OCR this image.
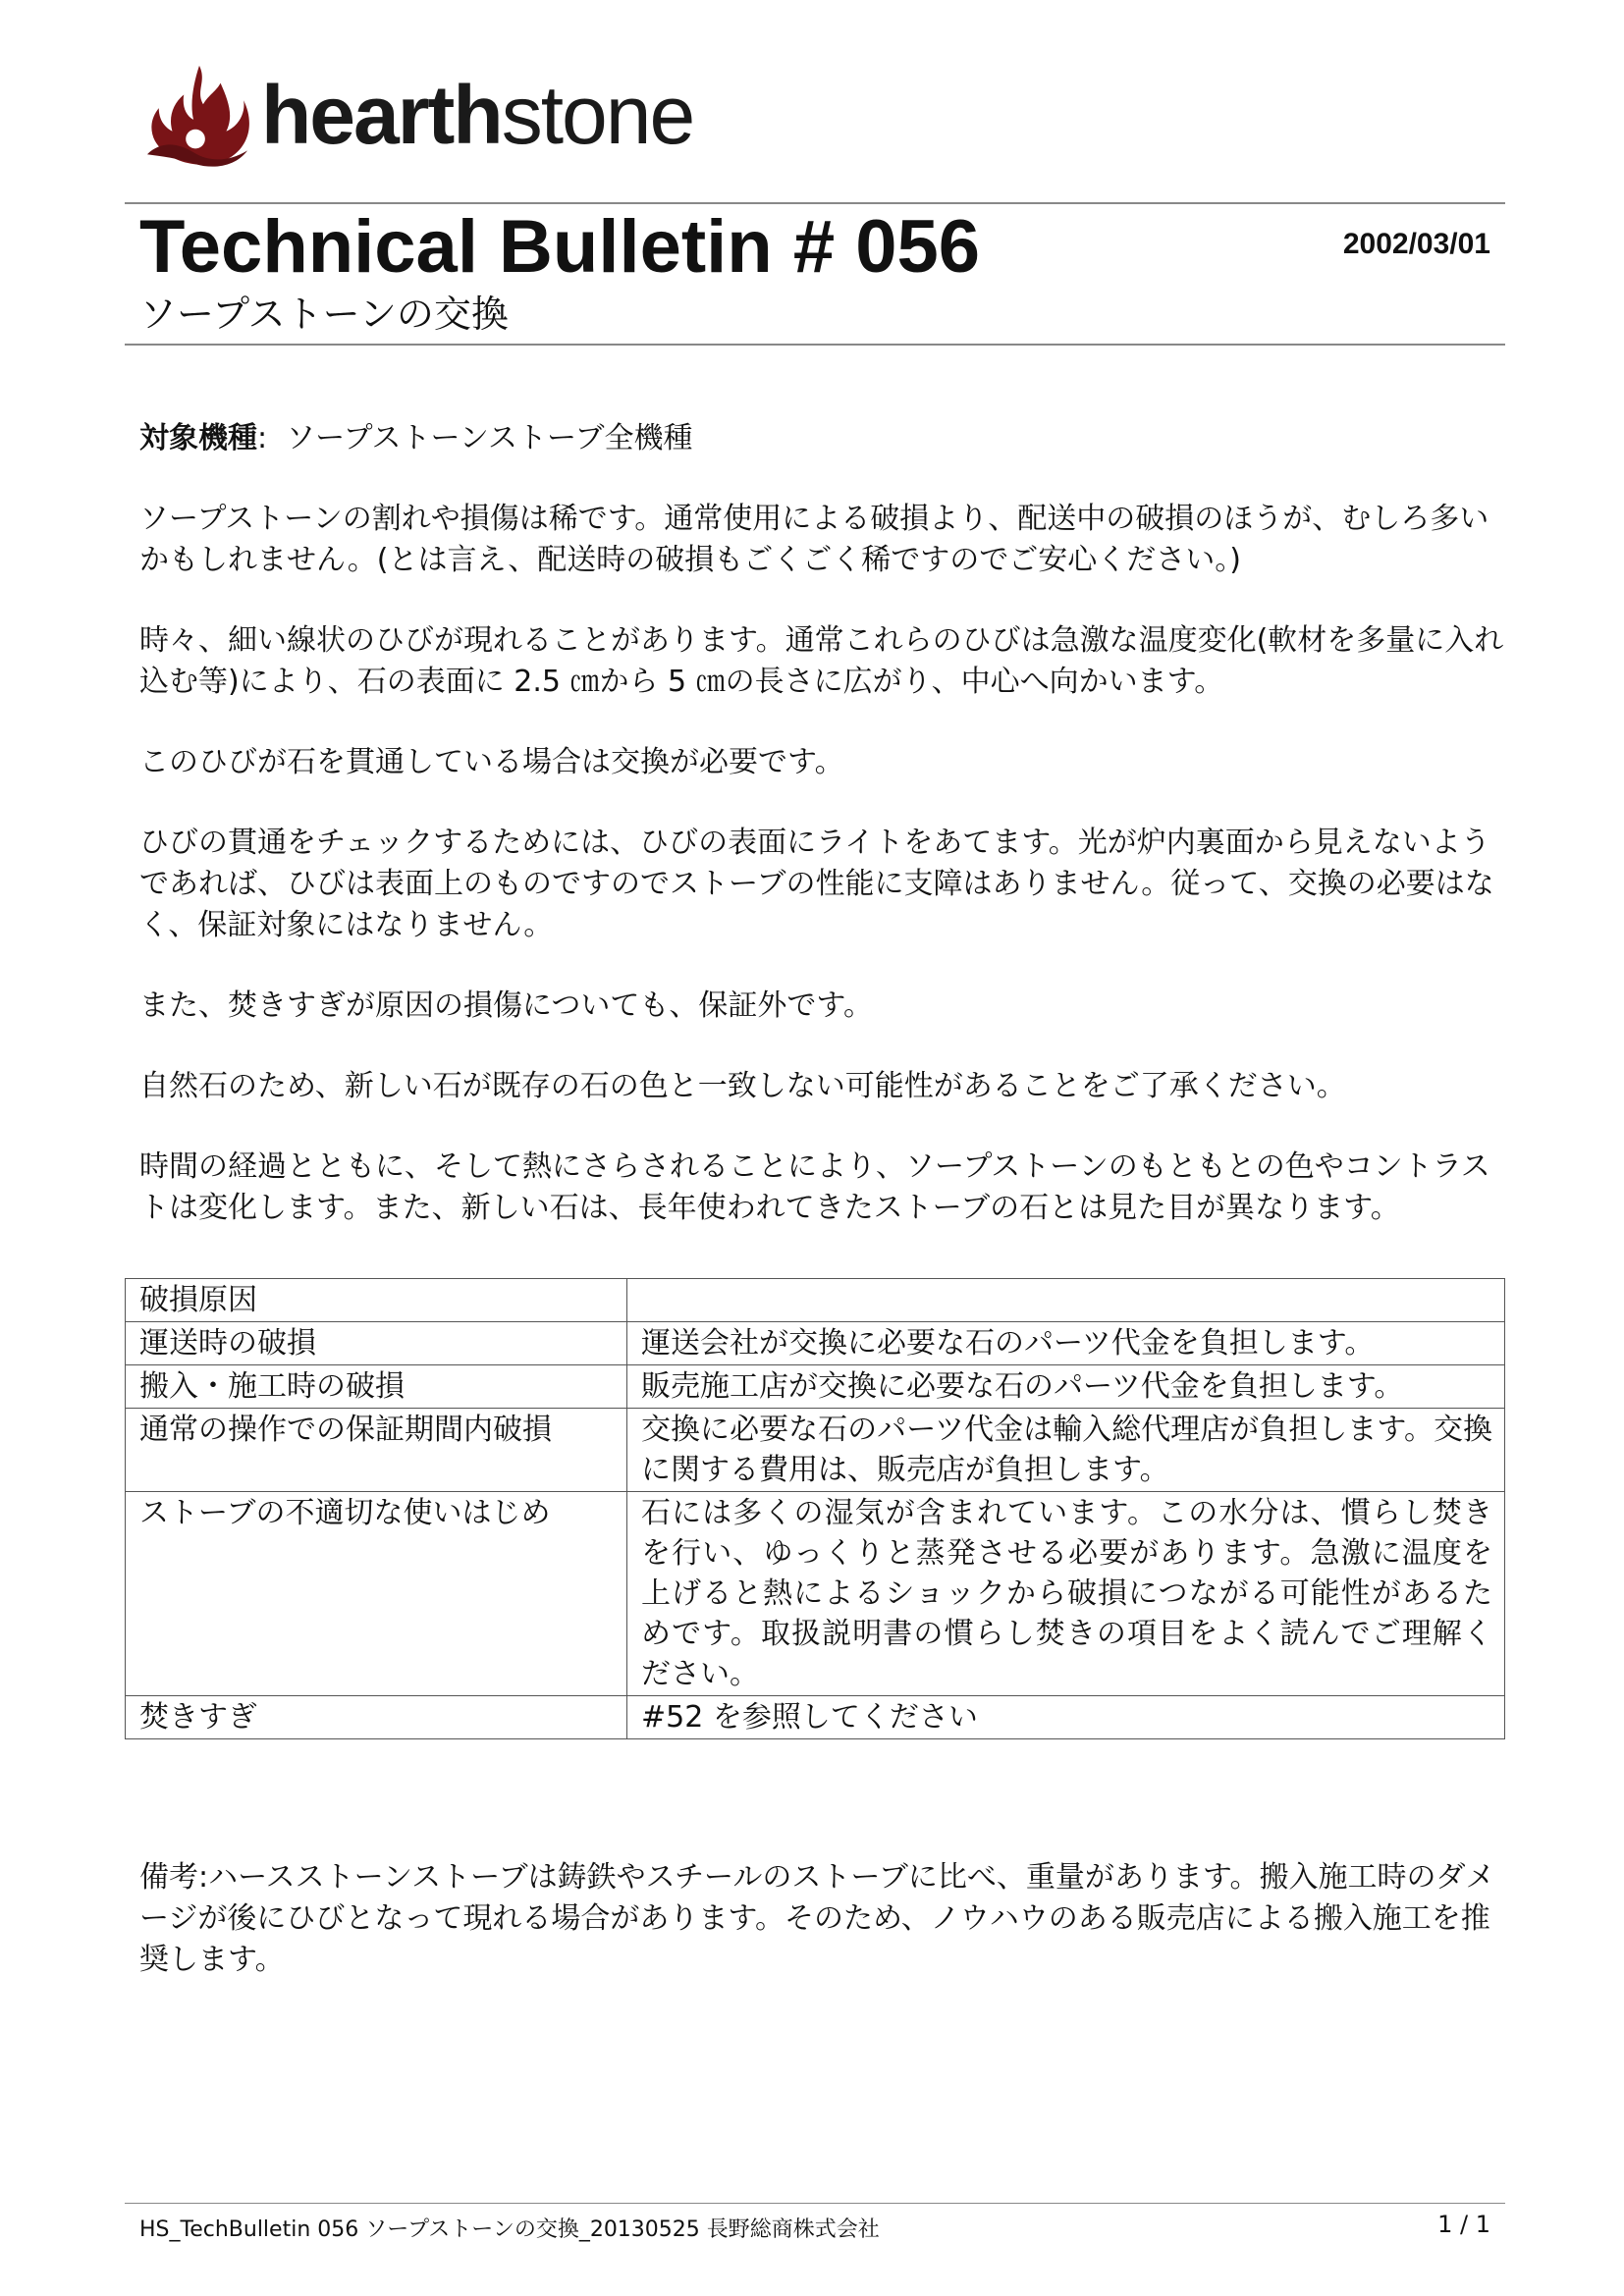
hearthstone
Technical Bulletin # 056	2002/03/01
ソープストーンの交換

対象機種: ソープストーンストーブ全機種

ソープストーンの割れや損傷は稀です。通常使用による破損より、配送中の破損のほうが、むしろ多いかもしれません。(とは言え、配送時の破損もごくごく稀ですのでご安心ください。)

時々、細い線状のひびが現れることがあります。通常これらのひびは急激な温度変化(軟材を多量に入れ込む等)により、石の表面に 2.5 ㎝から 5 ㎝の長さに広がり、中心へ向かいます。

このひびが石を貫通している場合は交換が必要です。

ひびの貫通をチェックするためには、ひびの表面にライトをあてます。光が炉内裏面から見えないようであれば、ひびは表面上のものですのでストーブの性能に支障はありません。従って、交換の必要はなく、保証対象にはなりません。

また、焚きすぎが原因の損傷についても、保証外です。

自然石のため、新しい石が既存の石の色と一致しない可能性があることをご了承ください。

時間の経過とともに、そして熱にさらされることにより、ソープストーンのもともとの色やコントラストは変化します。また、新しい石は、長年使われてきたストーブの石とは見た目が異なります。

破損原因	
運送時の破損	運送会社が交換に必要な石のパーツ代金を負担します。
搬入・施工時の破損	販売施工店が交換に必要な石のパーツ代金を負担します。
通常の操作での保証期間内破損	交換に必要な石のパーツ代金は輸入総代理店が負担します。交換に関する費用は、販売店が負担します。
ストーブの不適切な使いはじめ	石には多くの湿気が含まれています。この水分は、慣らし焚きを行い、ゆっくりと蒸発させる必要があります。急激に温度を上げると熱によるショックから破損につながる可能性があるためです。取扱説明書の慣らし焚きの項目をよく読んでご理解ください。
焚きすぎ	#52 を参照してください
備考:ハースストーンストーブは鋳鉄やスチールのストーブに比べ、重量があります。搬入施工時のダメージが後にひびとなって現れる場合があります。そのため、ノウハウのある販売店による搬入施工を推奨します。
HS_TechBulletin 056 ソープストーンの交換_20130525 長野総商株式会社	1 / 1
